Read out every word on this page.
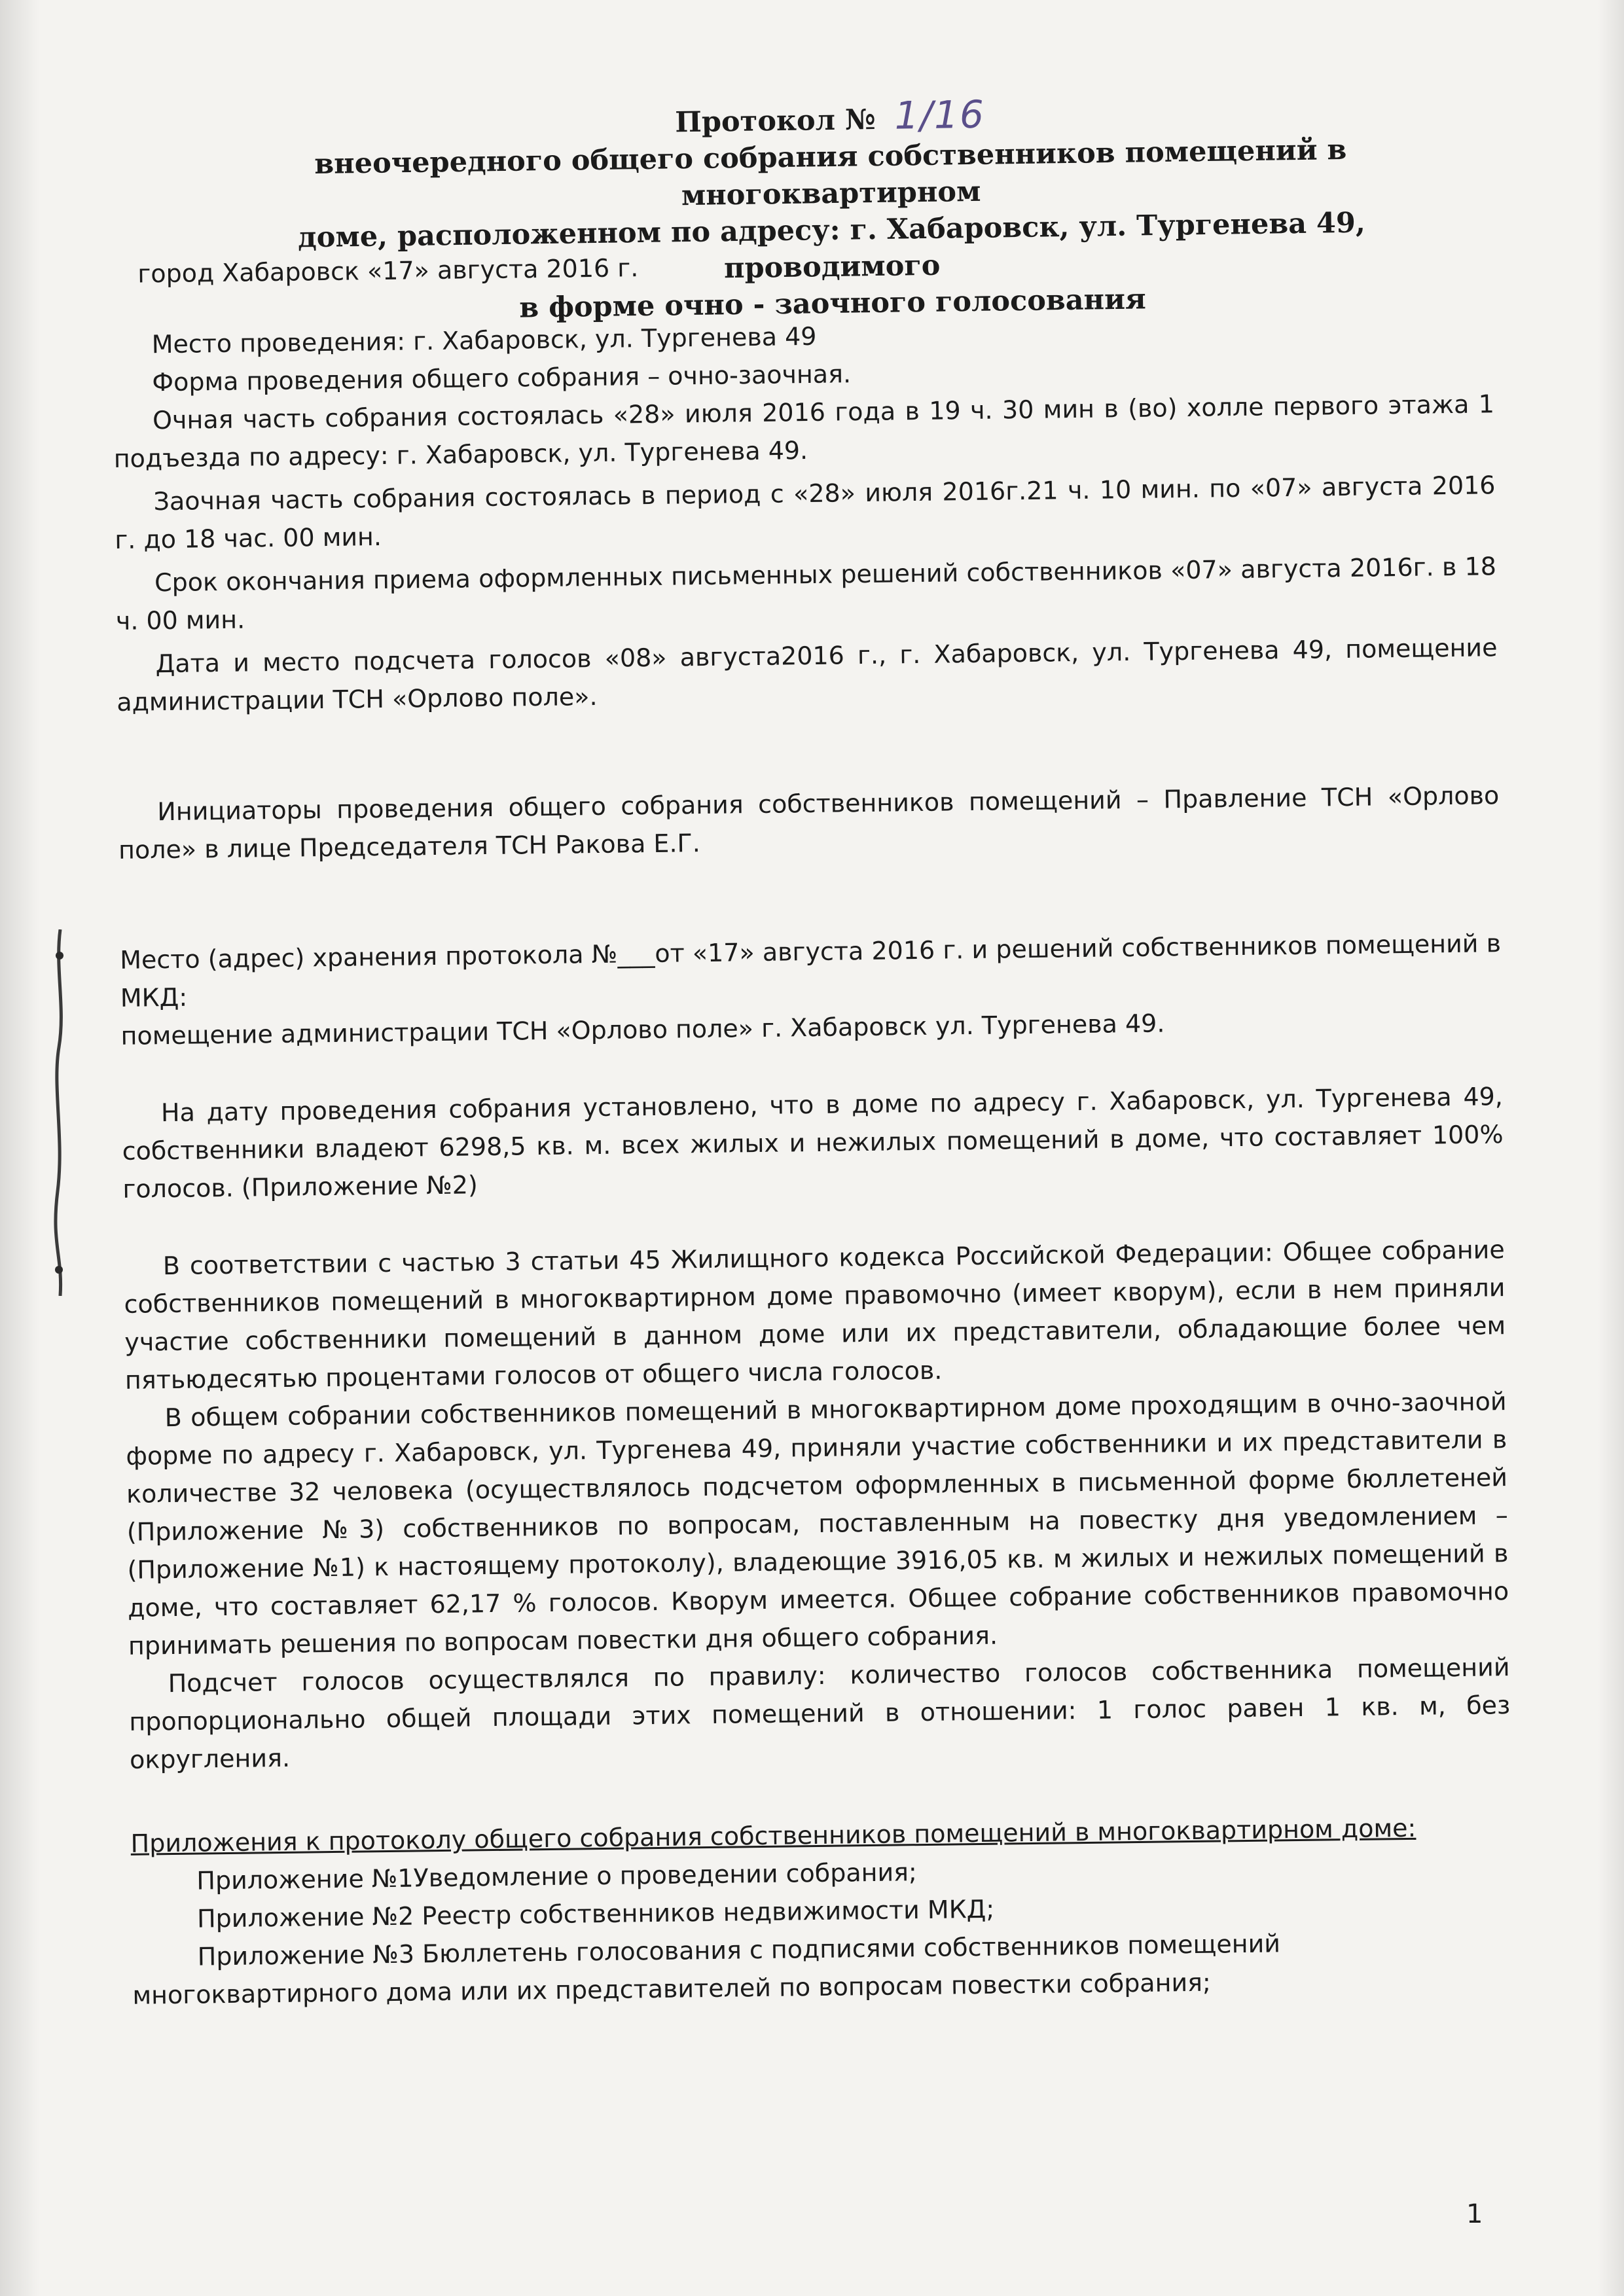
Протокол № 1/16
внеочередного общего собрания собственников помещений в многоквартирном
доме, расположенном по адресу: г. Хабаровск, ул. Тургенева 49, проводимого
в форме очно - заочного голосования

город Хабаровск «17» августа 2016 г.

Место проведения: г. Хабаровск, ул. Тургенева 49

Форма проведения общего собрания – очно-заочная.

Очная часть собрания состоялась «28» июля 2016 года в 19 ч. 30 мин в (во) холле первого этажа 1 подъезда по адресу: г. Хабаровск, ул. Тургенева 49.

Заочная часть собрания состоялась в период с «28» июля 2016г.21 ч. 10 мин. по «07» августа 2016 г. до 18 час. 00 мин.

Срок окончания приема оформленных письменных решений собственников «07» августа 2016г. в 18 ч. 00 мин.

Дата и место подсчета голосов «08» августа2016 г., г. Хабаровск, ул. Тургенева 49, помещение администрации ТСН «Орлово поле».

Инициаторы проведения общего собрания собственников помещений – Правление ТСН «Орлово поле» в лице Председателя ТСН Ракова Е.Г.

Место (адрес) хранения протокола №___от «17» августа 2016 г. и решений собственников помещений в МКД:

помещение администрации ТСН «Орлово поле» г. Хабаровск ул. Тургенева 49.

На дату проведения собрания установлено, что в доме по адресу г. Хабаровск, ул. Тургенева 49, собственники владеют 6298,5 кв. м. всех жилых и нежилых помещений в доме, что составляет 100% голосов. (Приложение №2)

В соответствии с частью 3 статьи 45 Жилищного кодекса Российской Федерации: Общее собрание собственников помещений в многоквартирном доме правомочно (имеет кворум), если в нем приняли участие собственники помещений в данном доме или их представители, обладающие более чем пятьюдесятью процентами голосов от общего числа голосов.

В общем собрании собственников помещений в многоквартирном доме проходящим в очно-заочной форме по адресу г. Хабаровск, ул. Тургенева 49, приняли участие собственники и их представители в количестве 32 человека (осуществлялось подсчетом оформленных в письменной форме бюллетеней (Приложение №3) собственников по вопросам, поставленным на повестку дня уведомлением – (Приложение №1) к настоящему протоколу), владеющие 3916,05 кв. м жилых и нежилых помещений в доме, что составляет 62,17 % голосов. Кворум имеется. Общее собрание собственников правомочно принимать решения по вопросам повестки дня общего собрания.

Подсчет голосов осуществлялся по правилу: количество голосов собственника помещений пропорционально общей площади этих помещений в отношении: 1 голос равен 1 кв. м, без округления.

Приложения к протоколу общего собрания собственников помещений в многоквартирном доме:

Приложение №1Уведомление о проведении собрания;

Приложение №2 Реестр собственников недвижимости МКД;

Приложение №3 Бюллетень голосования с подписями собственников помещений

многоквартирного дома или их представителей по вопросам повестки собрания;

1
